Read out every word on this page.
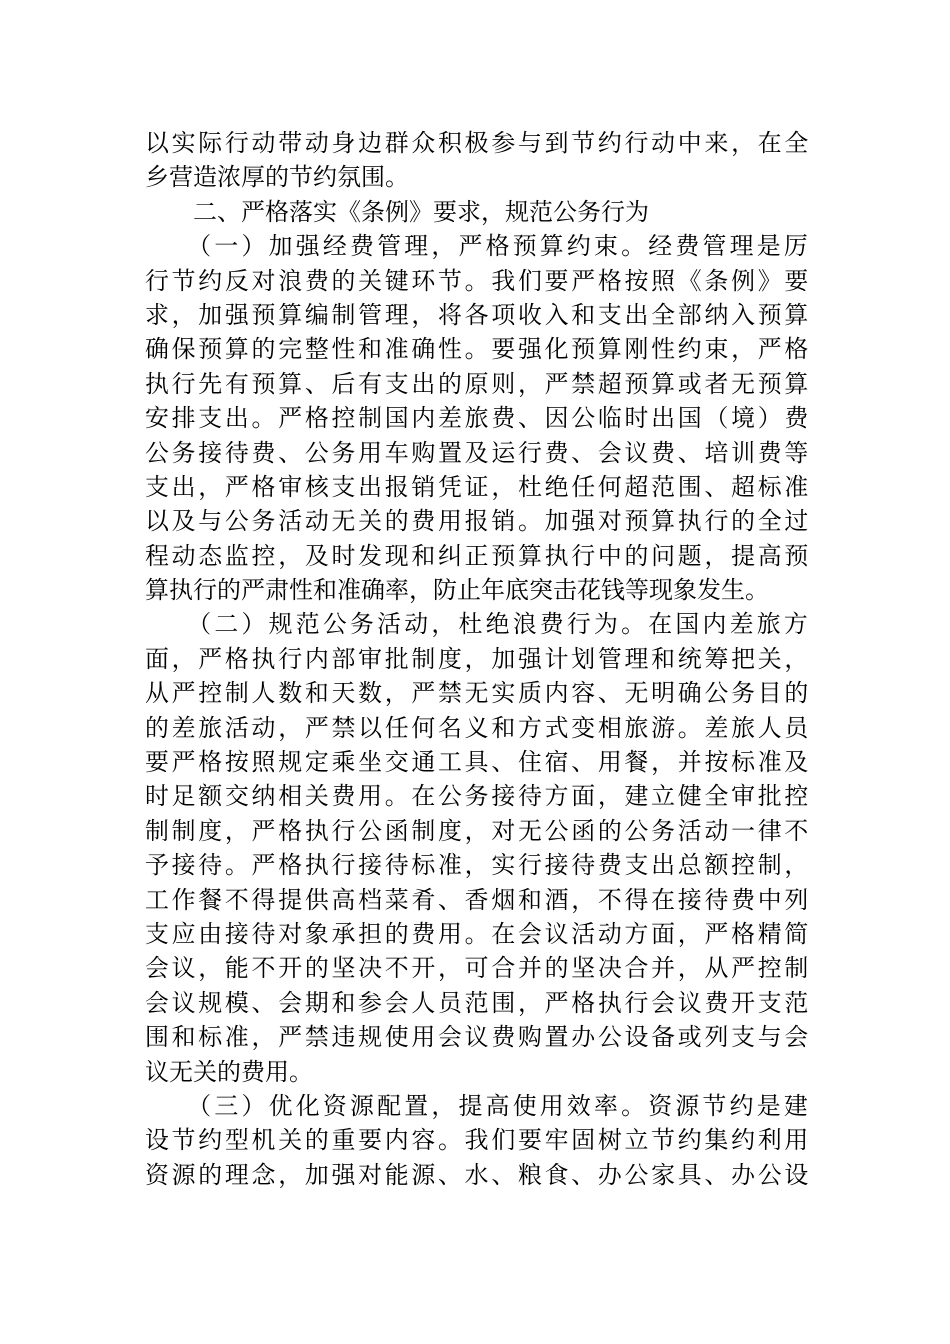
以实际行动带动身边群众积极参与到节约行动中来，在全
乡营造浓厚的节约氛围。
　　二、严格落实《条例》要求，规范公务行为
　　（一）加强经费管理，严格预算约束。经费管理是厉
行节约反对浪费的关键环节。我们要严格按照《条例》要
求，加强预算编制管理，将各项收入和支出全部纳入预算
确保预算的完整性和准确性。要强化预算刚性约束，严格
执行先有预算、后有支出的原则，严禁超预算或者无预算
安排支出。严格控制国内差旅费、因公临时出国（境）费
公务接待费、公务用车购置及运行费、会议费、培训费等
支出，严格审核支出报销凭证，杜绝任何超范围、超标准
以及与公务活动无关的费用报销。加强对预算执行的全过
程动态监控，及时发现和纠正预算执行中的问题，提高预
算执行的严肃性和准确率，防止年底突击花钱等现象发生。
　　（二）规范公务活动，杜绝浪费行为。在国内差旅方
面，严格执行内部审批制度，加强计划管理和统筹把关，
从严控制人数和天数，严禁无实质内容、无明确公务目的
的差旅活动，严禁以任何名义和方式变相旅游。差旅人员
要严格按照规定乘坐交通工具、住宿、用餐，并按标准及
时足额交纳相关费用。在公务接待方面，建立健全审批控
制制度，严格执行公函制度，对无公函的公务活动一律不
予接待。严格执行接待标准，实行接待费支出总额控制，
工作餐不得提供高档菜肴、香烟和酒，不得在接待费中列
支应由接待对象承担的费用。在会议活动方面，严格精简
会议，能不开的坚决不开，可合并的坚决合并，从严控制
会议规模、会期和参会人员范围，严格执行会议费开支范
围和标准，严禁违规使用会议费购置办公设备或列支与会
议无关的费用。
　　（三）优化资源配置，提高使用效率。资源节约是建
设节约型机关的重要内容。我们要牢固树立节约集约利用
资源的理念，加强对能源、水、粮食、办公家具、办公设
